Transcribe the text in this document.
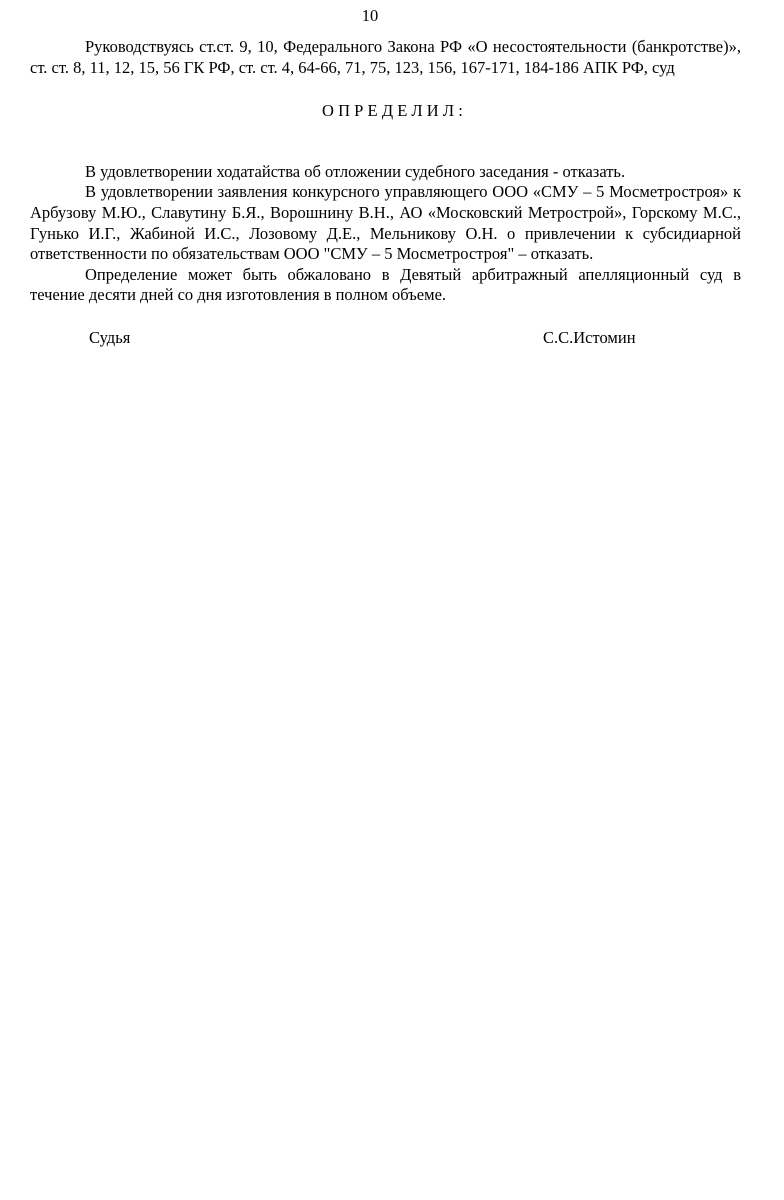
10

Руководствуясь ст.ст. 9, 10, Федерального Закона РФ «О несостоятельности (банкротстве)», ст. ст. 8, 11, 12, 15, 56 ГК РФ, ст. ст. 4, 64-66, 71, 75, 123, 156, 167-171, 184-186 АПК РФ, суд

ОПРЕДЕЛИЛ:

В удовлетворении ходатайства об отложении судебного заседания - отказать.

В удовлетворении заявления конкурсного управляющего ООО «СМУ – 5 Мосметростроя» к Арбузову М.Ю., Славутину Б.Я., Ворошнину В.Н., АО «Московский Метрострой», Горскому М.С., Гунько И.Г., Жабиной И.С., Лозовому Д.Е., Мельникову О.Н. о привлечении к субсидиарной ответственности по обязательствам ООО "СМУ – 5 Мосметростроя" – отказать.

Определение может быть обжаловано в Девятый арбитражный апелляционный суд в течение десяти дней со дня изготовления в полном объеме.

Судья	С.С.Истомин
